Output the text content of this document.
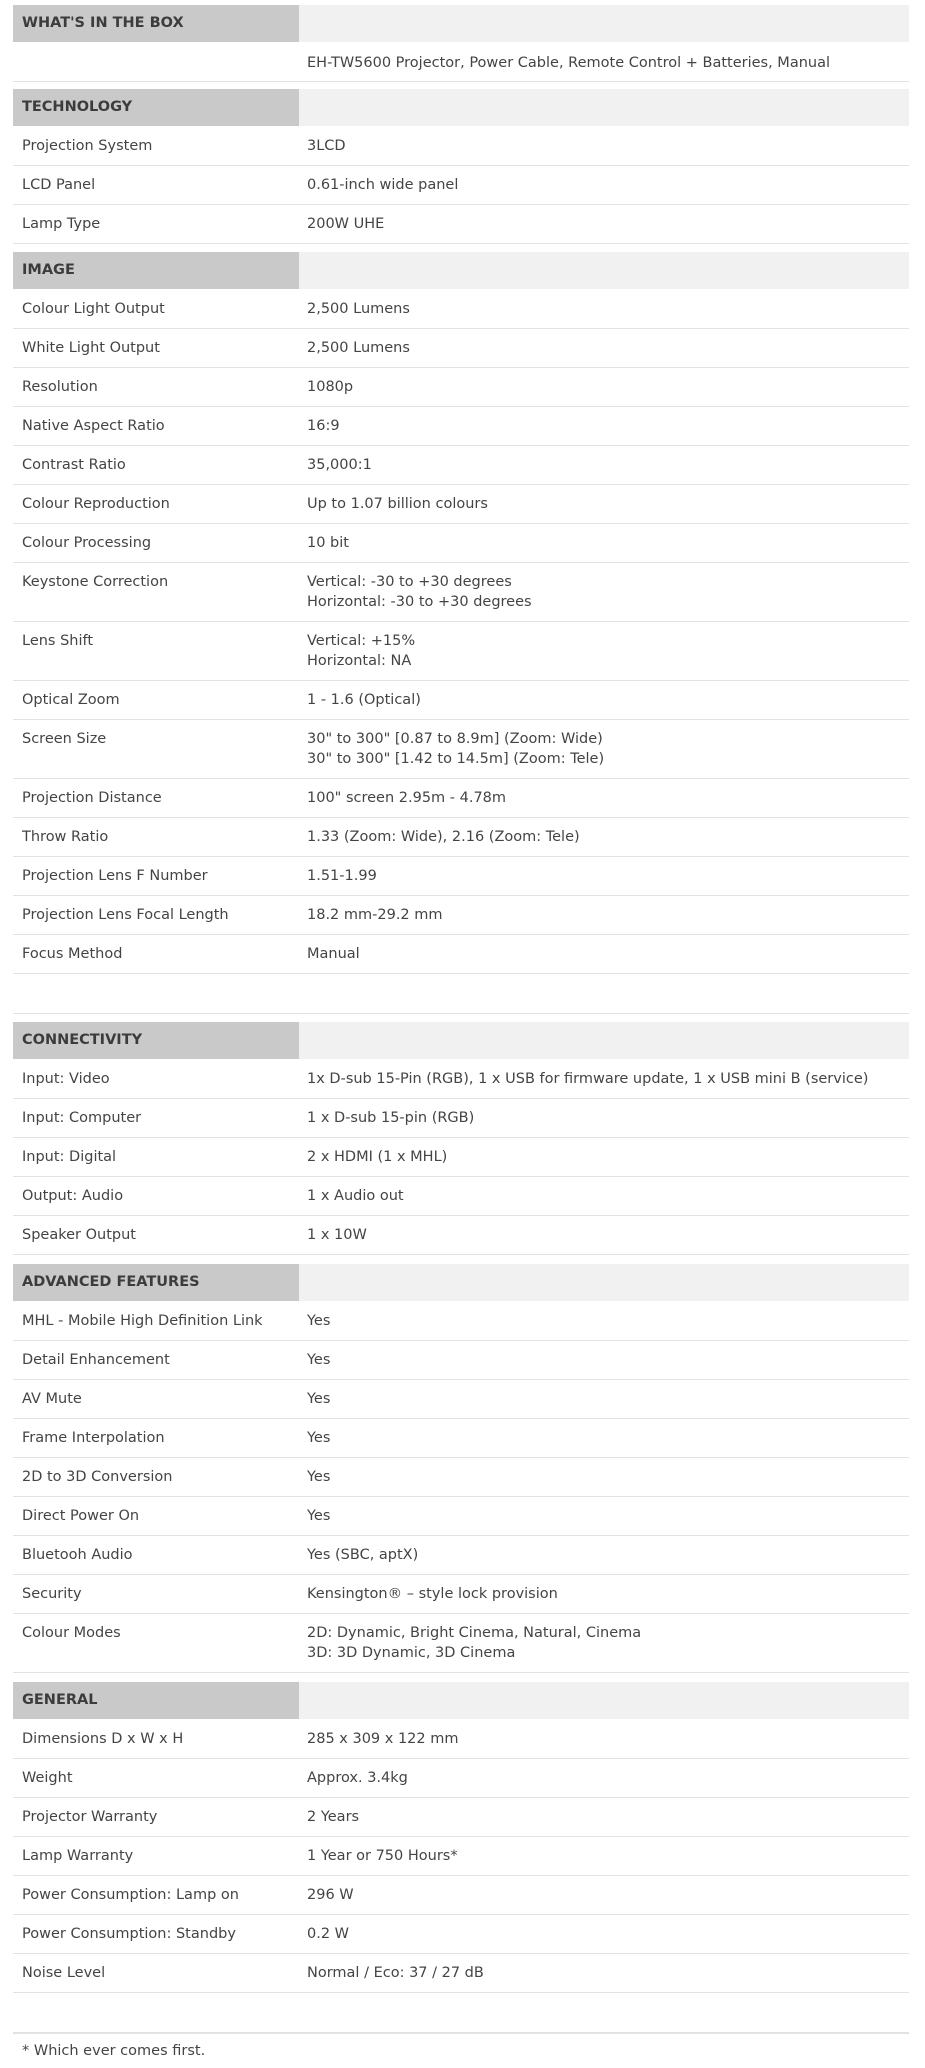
WHAT'S IN THE BOX
EH-TW5600 Projector, Power Cable, Remote Control + Batteries, Manual
TECHNOLOGY
Projection System	3LCD
LCD Panel	0.61-inch wide panel
Lamp Type	200W UHE
IMAGE
Colour Light Output	2,500 Lumens
White Light Output	2,500 Lumens
Resolution	1080p
Native Aspect Ratio	16:9
Contrast Ratio	35,000:1
Colour Reproduction	Up to 1.07 billion colours
Colour Processing	10 bit
Keystone Correction	Vertical: -30 to +30 degrees
Horizontal: -30 to +30 degrees
Lens Shift	Vertical: +15%
Horizontal: NA
Optical Zoom	1 - 1.6 (Optical)
Screen Size	30" to 300" [0.87 to 8.9m] (Zoom: Wide)
30" to 300" [1.42 to 14.5m] (Zoom: Tele)
Projection Distance	100" screen 2.95m - 4.78m
Throw Ratio	1.33 (Zoom: Wide), 2.16 (Zoom: Tele)
Projection Lens F Number	1.51-1.99
Projection Lens Focal Length	18.2 mm-29.2 mm
Focus Method	Manual
CONNECTIVITY
Input: Video	1x D-sub 15-Pin (RGB), 1 x USB for firmware update, 1 x USB mini B (service)
Input: Computer	1 x D-sub 15-pin (RGB)
Input: Digital	2 x HDMI (1 x MHL)
Output: Audio	1 x Audio out
Speaker Output	1 x 10W
ADVANCED FEATURES
MHL - Mobile High Definition Link	Yes
Detail Enhancement	Yes
AV Mute	Yes
Frame Interpolation	Yes
2D to 3D Conversion	Yes
Direct Power On	Yes
Bluetooh Audio	Yes (SBC, aptX)
Security	Kensington® – style lock provision
Colour Modes	2D: Dynamic, Bright Cinema, Natural, Cinema
3D: 3D Dynamic, 3D Cinema
GENERAL
Dimensions D x W x H	285 x 309 x 122 mm
Weight	Approx. 3.4kg
Projector Warranty	2 Years
Lamp Warranty	1 Year or 750 Hours*
Power Consumption: Lamp on	296 W
Power Consumption: Standby	0.2 W
Noise Level	Normal / Eco: 37 / 27 dB
* Which ever comes first.
